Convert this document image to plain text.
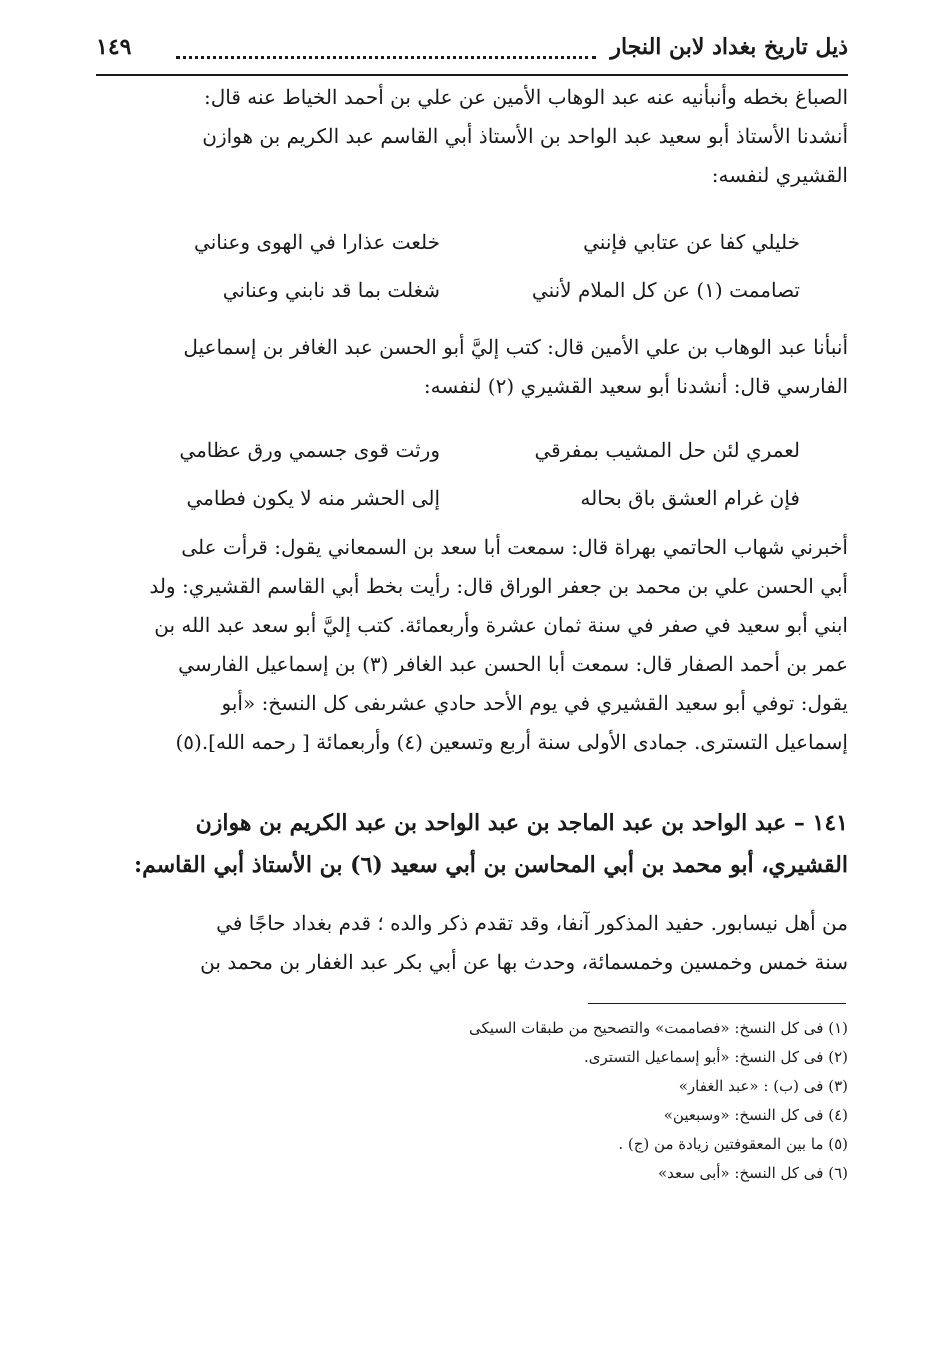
ذيل تاريخ بغداد لابن النجار
١٤٩

الصباغ بخطه وأنبأنيه عنه عبد الوهاب الأمين عن علي بن أحمد الخياط عنه قال:

أنشدنا الأستاذ أبو سعيد عبد الواحد بن الأستاذ أبي القاسم عبد الكريم بن هوازن

القشيري لنفسه:

خليلي كفا عن عتابي فإنني
خلعت عذارا في الهوى وعناني
تصاممت (١) عن كل الملام لأنني
شغلت بما قد نابني وعناني

أنبأنا عبد الوهاب بن علي الأمين قال: كتب إليَّ أبو الحسن عبد الغافر بن إسماعيل

الفارسي قال: أنشدنا أبو سعيد القشيري (٢) لنفسه:

لعمري لئن حل المشيب بمفرقي
ورثت قوى جسمي ورق عظامي
فإن غرام العشق باق بحاله
إلى الحشر منه لا يكون فطامي

أخبرني شهاب الحاتمي بهراة قال: سمعت أبا سعد بن السمعاني يقول: قرأت على

أبي الحسن علي بن محمد بن جعفر الوراق قال: رأيت بخط أبي القاسم القشيري: ولد

ابني أبو سعيد في صفر في سنة ثمان عشرة وأربعمائة. كتب إليَّ أبو سعد عبد الله بن

عمر بن أحمد الصفار قال: سمعت أبا الحسن عبد الغافر (٣) بن إسماعيل الفارسي

يقول: توفي أبو سعيد القشيري في يوم الأحد حادي عشرىفى كل النسخ: «أبو

إسماعيل التسترى. جمادى الأولى سنة أربع وتسعين (٤) وأربعمائة [ رحمه الله].(٥)

١٤١ – عبد الواحد بن عبد الماجد بن عبد الواحد بن عبد الكريم بن هوازن

القشيري، أبو محمد بن أبي المحاسن بن أبي سعيد (٦) بن الأستاذ أبي القاسم:

من أهل نيسابور. حفيد المذكور آنفا، وقد تقدم ذكر والده ؛ قدم بغداد حاجًا في

سنة خمس وخمسين وخمسمائة، وحدث بها عن أبي بكر عبد الغفار بن محمد بن

(١) فى كل النسخ: «فصاممت» والتصحيح من طبقات السيكى
(٢) فى كل النسخ: «أبو إسماعيل التسترى.
(٣) فى (ب) : «عبد الغفار»
(٤) فى كل النسخ: «وسبعين»
(٥) ما بين المعقوفتين زيادة من (ج) .
(٦) فى كل النسخ: «أبى سعد»
